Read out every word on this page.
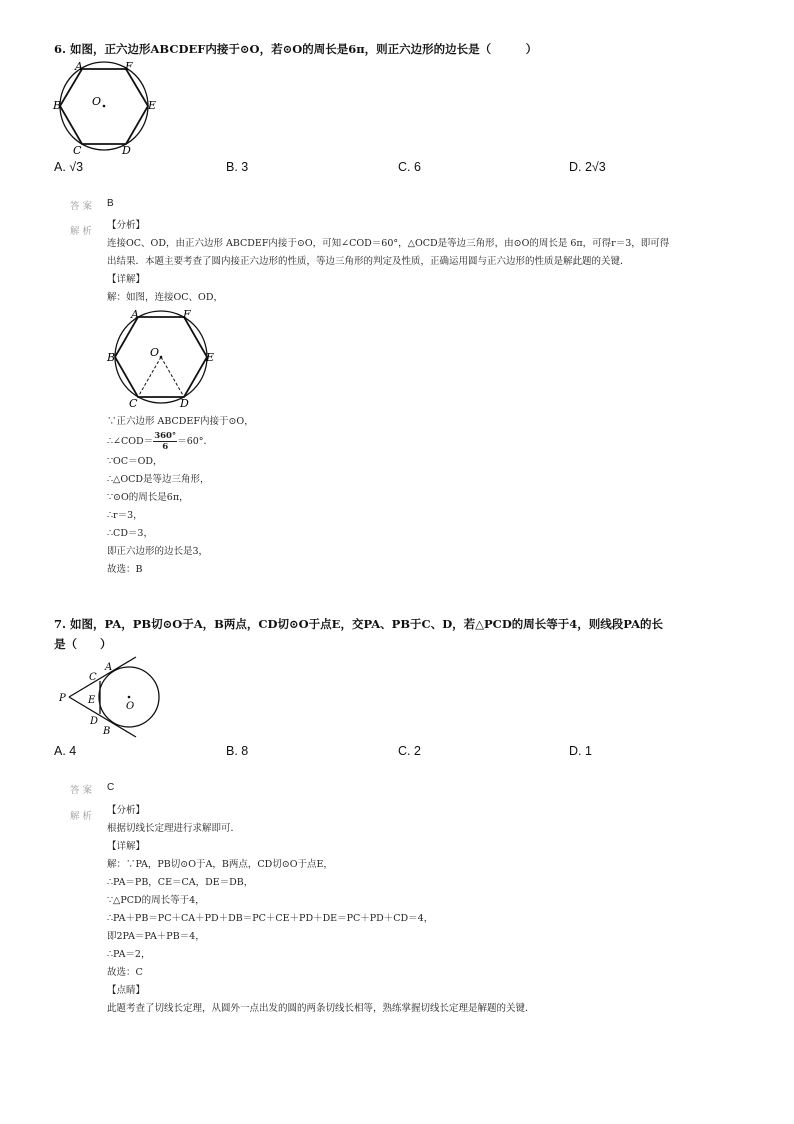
6. 如图，正六边形ABCDEF内接于⊙O，若⊙O的周长是6π，则正六边形的边长是（　　　）
A	F
B	E
C	D
O
A. √3	B. 3	C. 6	D. 2√3
答案 B
解析
【分析】
连接OC、OD，由正六边形 ABCDEF内接于⊙O，可知∠COD＝60°，△OCD是等边三角形，由⊙O的周长是 6π，可得r＝3，即可得
出结果．本题主要考查了圆内接正六边形的性质，等边三角形的判定及性质，正确运用圆与正六边形的性质是解此题的关键．
【详解】
解：如图，连接OC、OD，
A	F
B	E
C	D
O
∵正六边形 ABCDEF内接于⊙O，
∴∠COD＝ $\frac{360^\circ}{6} =60^\circ$．
∵OC＝OD，
∴△OCD是等边三角形，
∵⊙O的周长是6π，
∴r＝3，
∴CD＝3，
即正六边形的边长是3，
故选：B
7. 如图，PA，PB切⊙O于A，B两点，CD切⊙O于点E，交PA、PB于C、D，若△PCD的周长等于4，则线段PA的长
是（　　）
P
A
C
E
D
B
O
A. 4	B. 8	C. 2	D. 1
答案 C
解析
【分析】
根据切线长定理进行求解即可．
【详解】
解：∵PA，PB切⊙O于A，B两点，CD切⊙O于点E，
∴PA＝PB，CE＝CA，DE＝DB，
∵△PCD的周长等于4，
∴PA＋PB＝PC＋CA＋PD＋DB＝PC＋CE＋PD＋DE＝PC＋PD＋CD＝4，
即2PA＝PA＋PB＝4，
∴PA＝2，
故选：C
【点睛】
此题考查了切线长定理，从圆外一点出发的圆的两条切线长相等，熟练掌握切线长定理是解题的关键．
